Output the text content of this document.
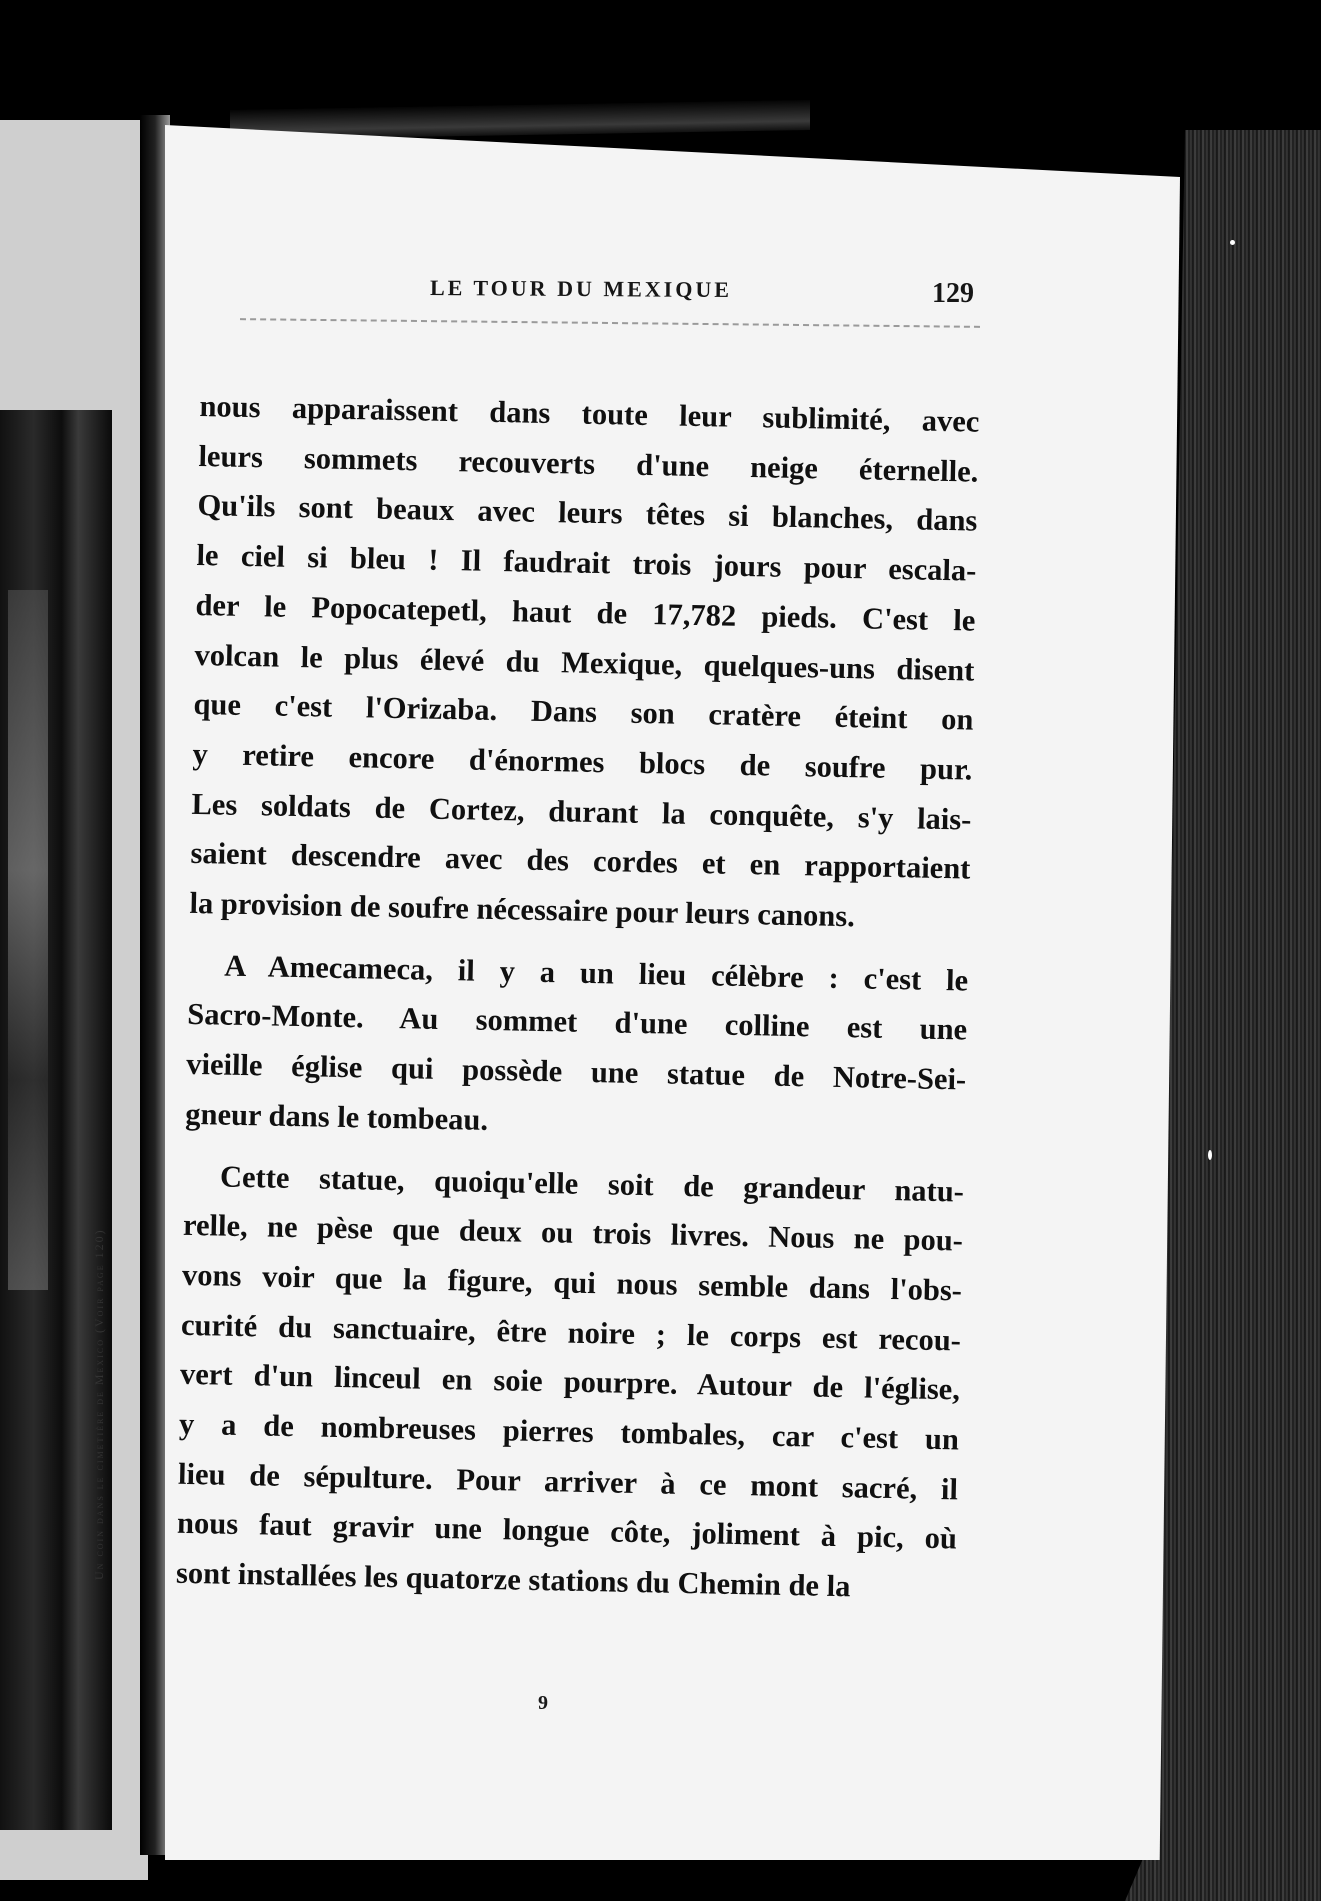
Un coin dans le cimetière de Mexico (Voir page 120)
LE TOUR DU MEXIQUE	129
nous apparaissent dans toute leur sublimité, avec
leurs sommets recouverts d'une neige éternelle.
Qu'ils sont beaux avec leurs têtes si blanches, dans
le ciel si bleu ! Il faudrait trois jours pour escala-
der le Popocatepetl, haut de 17,782 pieds. C'est le
volcan le plus élevé du Mexique, quelques-uns disent
que c'est l'Orizaba. Dans son cratère éteint on
y retire encore d'énormes blocs de soufre pur.
Les soldats de Cortez, durant la conquête, s'y lais-
saient descendre avec des cordes et en rapportaient
la provision de soufre nécessaire pour leurs canons.
A Amecameca, il y a un lieu célèbre : c'est le
Sacro-Monte. Au sommet d'une colline est une
vieille église qui possède une statue de Notre-Sei-
gneur dans le tombeau.
Cette statue, quoiqu'elle soit de grandeur natu-
relle, ne pèse que deux ou trois livres. Nous ne pou-
vons voir que la figure, qui nous semble dans l'obs-
curité du sanctuaire, être noire ; le corps est recou-
vert d'un linceul en soie pourpre. Autour de l'église,
y a de nombreuses pierres tombales, car c'est un
lieu de sépulture. Pour arriver à ce mont sacré, il
nous faut gravir une longue côte, joliment à pic, où
sont installées les quatorze stations du Chemin de la
9
